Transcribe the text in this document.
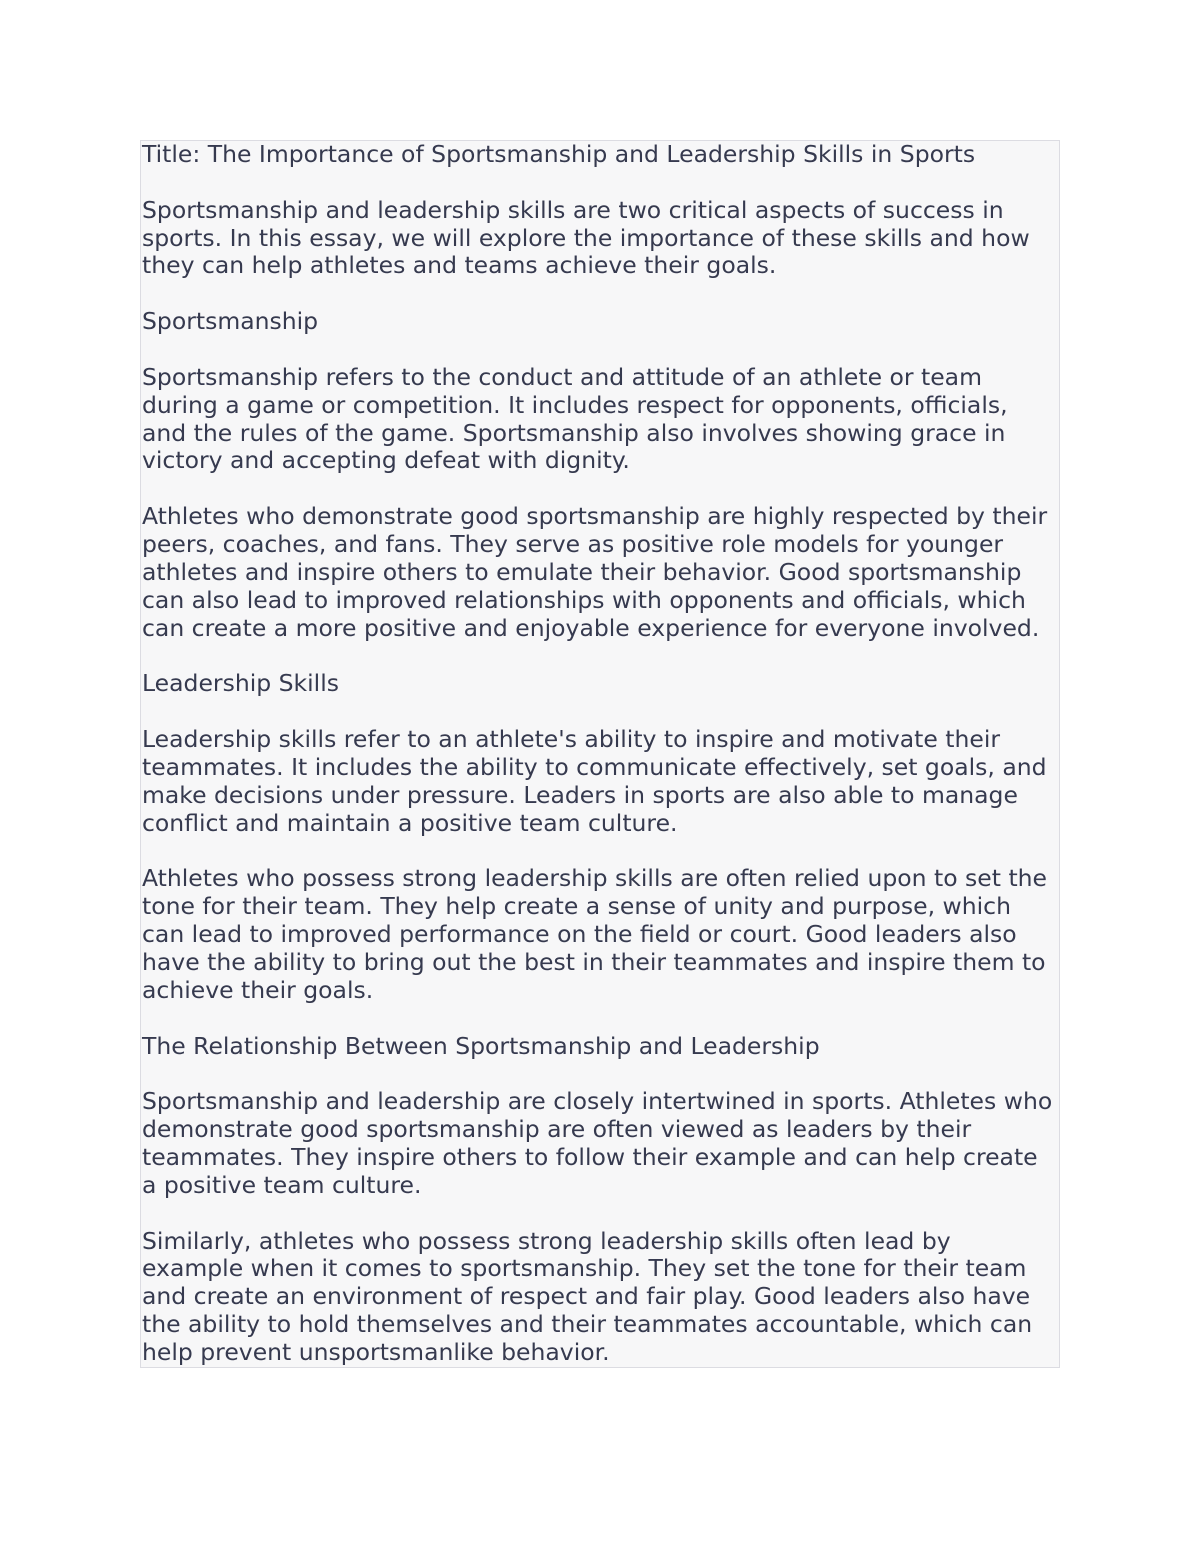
Title: The Importance of Sportsmanship and Leadership Skills in Sports
Sportsmanship and leadership skills are two critical aspects of success in
sports. In this essay, we will explore the importance of these skills and how
they can help athletes and teams achieve their goals.
Sportsmanship
Sportsmanship refers to the conduct and attitude of an athlete or team
during a game or competition. It includes respect for opponents, officials,
and the rules of the game. Sportsmanship also involves showing grace in
victory and accepting defeat with dignity.
Athletes who demonstrate good sportsmanship are highly respected by their
peers, coaches, and fans. They serve as positive role models for younger
athletes and inspire others to emulate their behavior. Good sportsmanship
can also lead to improved relationships with opponents and officials, which
can create a more positive and enjoyable experience for everyone involved.
Leadership Skills
Leadership skills refer to an athlete's ability to inspire and motivate their
teammates. It includes the ability to communicate effectively, set goals, and
make decisions under pressure. Leaders in sports are also able to manage
conflict and maintain a positive team culture.
Athletes who possess strong leadership skills are often relied upon to set the
tone for their team. They help create a sense of unity and purpose, which
can lead to improved performance on the field or court. Good leaders also
have the ability to bring out the best in their teammates and inspire them to
achieve their goals.
The Relationship Between Sportsmanship and Leadership
Sportsmanship and leadership are closely intertwined in sports. Athletes who
demonstrate good sportsmanship are often viewed as leaders by their
teammates. They inspire others to follow their example and can help create
a positive team culture.
Similarly, athletes who possess strong leadership skills often lead by
example when it comes to sportsmanship. They set the tone for their team
and create an environment of respect and fair play. Good leaders also have
the ability to hold themselves and their teammates accountable, which can
help prevent unsportsmanlike behavior.
